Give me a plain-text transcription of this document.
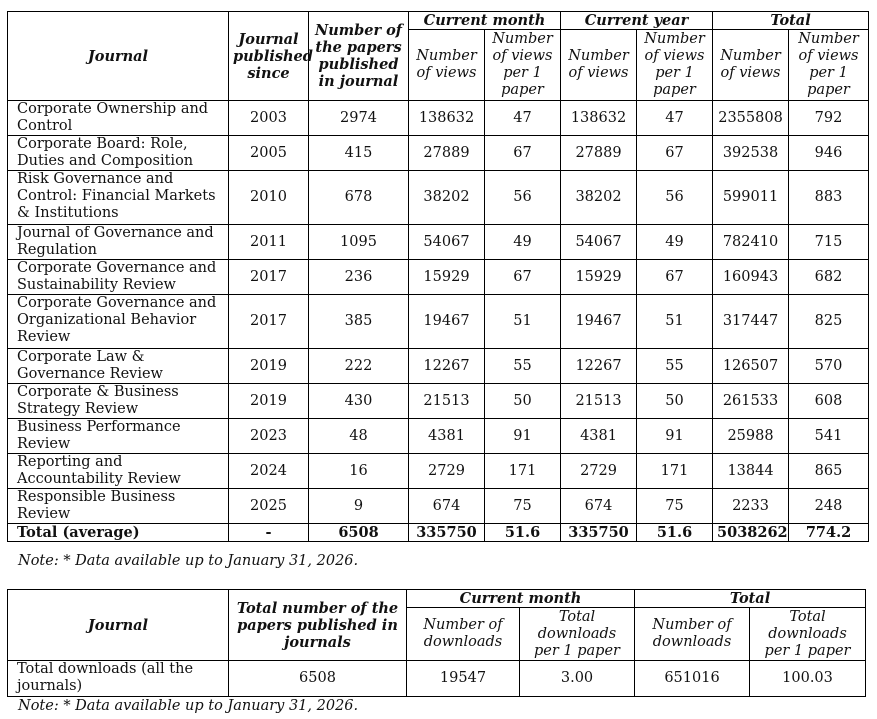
Journal	Journal published since	Number of the papers published in journal	Current month		Current year		Total	
			Number of views	Number of views per 1 paper	Number of views	Number of views per 1 paper	Number of views	Number of views per 1 paper
Corporate Ownership and Control	2003	2974	138632	47	138632	47	2355808	792
Corporate Board: Role, Duties and Composition	2005	415	27889	67	27889	67	392538	946
Risk Governance and Control: Financial Markets & Institutions	2010	678	38202	56	38202	56	599011	883
Journal of Governance and Regulation	2011	1095	54067	49	54067	49	782410	715
Corporate Governance and Sustainability Review	2017	236	15929	67	15929	67	160943	682
Corporate Governance and Organizational Behavior Review	2017	385	19467	51	19467	51	317447	825
Corporate Law & Governance Review	2019	222	12267	55	12267	55	126507	570
Corporate & Business Strategy Review	2019	430	21513	50	21513	50	261533	608
Business Performance Review	2023	48	4381	91	4381	91	25988	541
Reporting and Accountability Review	2024	16	2729	171	2729	171	13844	865
Responsible Business Review	2025	9	674	75	674	75	2233	248
Total (average)	-	6508	335750	51.6	335750	51.6	5038262	774.2
Note: * Data available up to January 31, 2026.
Journal	Total number of the papers published in journals	Current month		Total	
		Number of downloads	Total downloads per 1 paper	Number of downloads	Total downloads per 1 paper
Total downloads (all the journals)	6508	19547	3.00	651016	100.03
Note: * Data available up to January 31, 2026.
